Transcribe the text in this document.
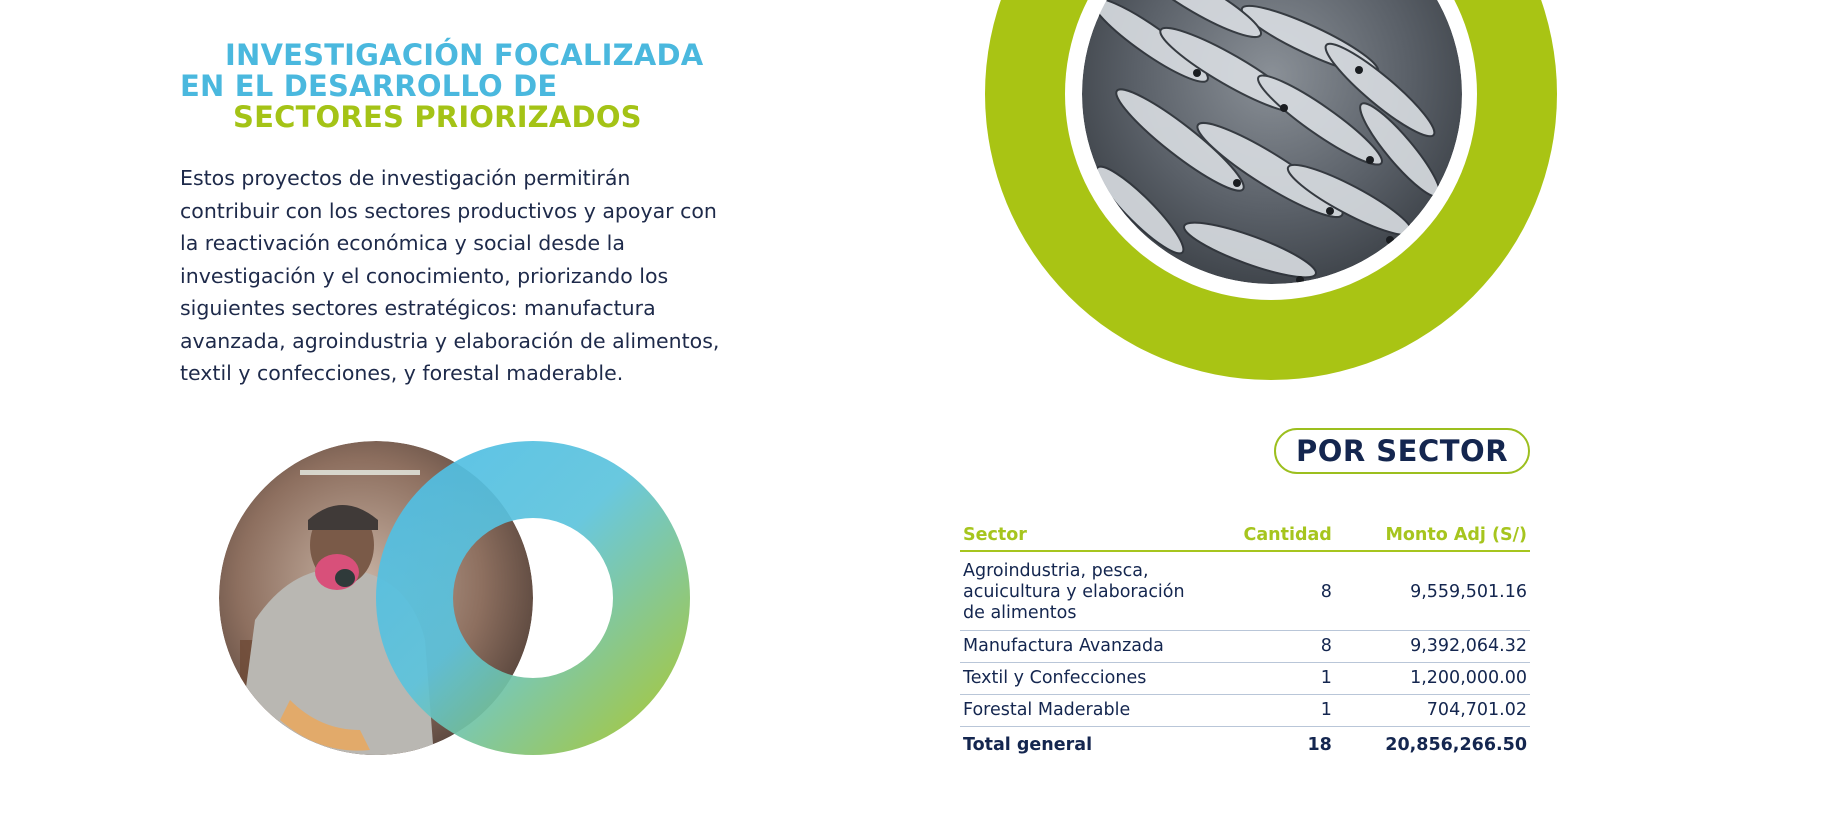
INVESTIGACIÓN FOCALIZADA
EN EL DESARROLLO DE
SECTORES PRIORIZADOS
Estos proyectos de investigación permitirán
contribuir con los sectores productivos y apoyar con
la reactivación económica y social desde la
investigación y el conocimiento, priorizando los
siguientes sectores estratégicos: manufactura
avanzada, agroindustria y elaboración de alimentos,
textil y confecciones, y forestal maderable.
POR SECTOR
Sector	Cantidad	Monto Adj (S/)

Agroindustria, pesca,
acuicultura y elaboración
de alimentos	8	9,559,501.16
Manufactura Avanzada	8	9,392,064.32
Textil y Confecciones	1	1,200,000.00
Forestal Maderable	1	704,701.02
Total general	18	20,856,266.50
